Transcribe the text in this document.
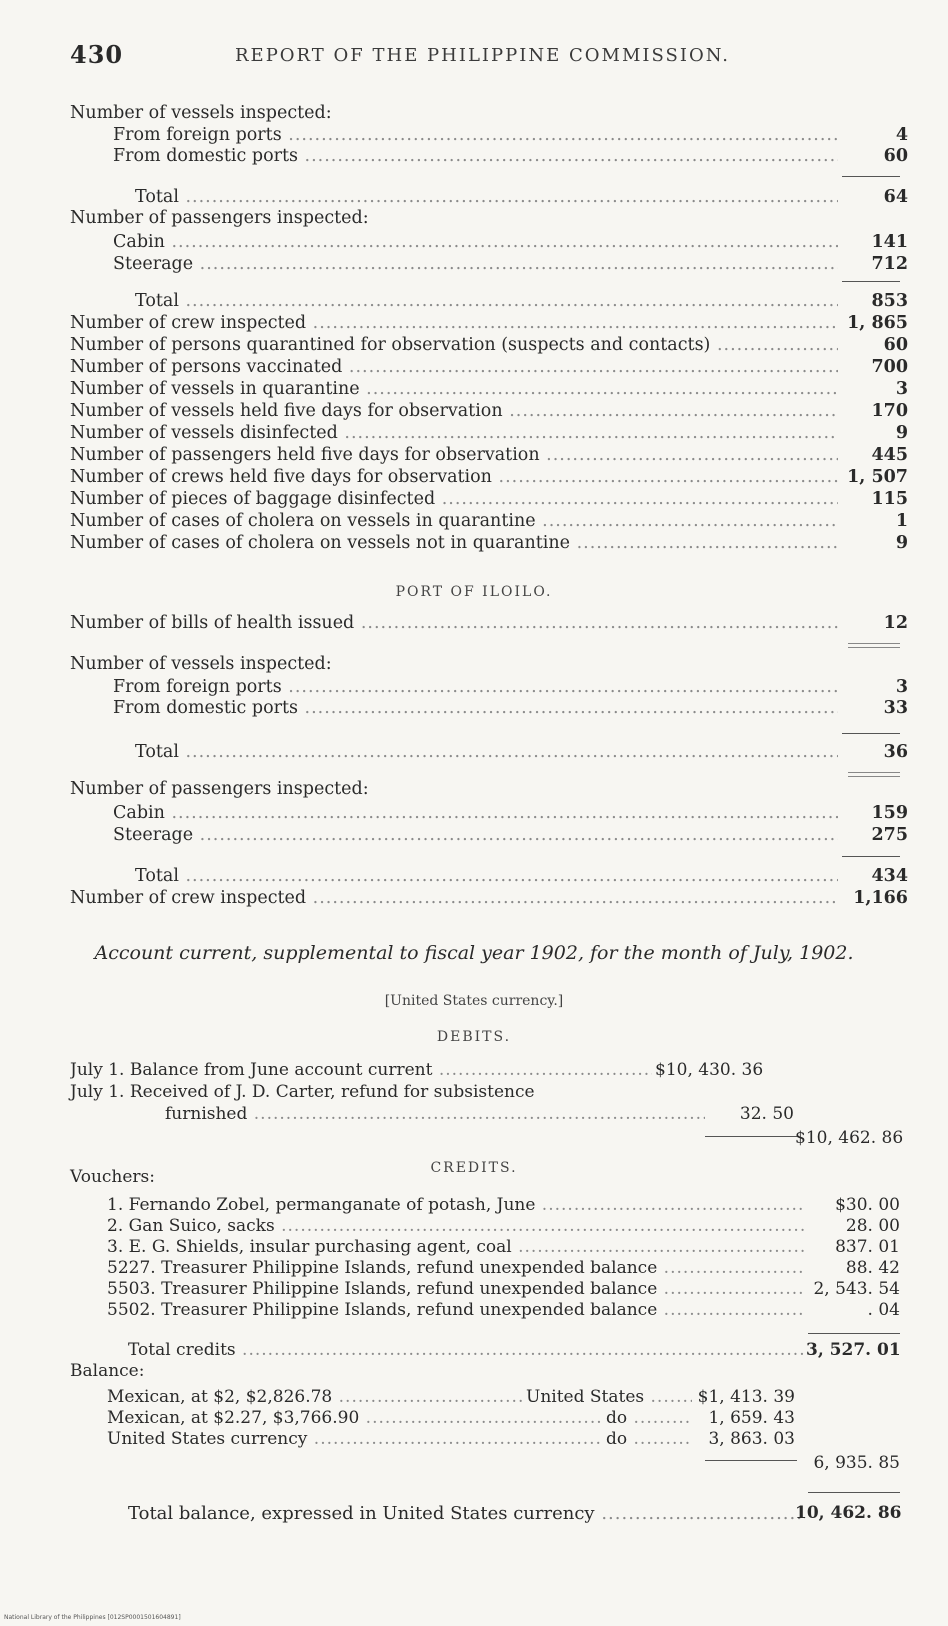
430	REPORT OF THE PHILIPPINE COMMISSION.
Number of vessels inspected:
From foreign ports .....	4
From domestic ports .....	60
Total .....	64
Number of passengers inspected:
Cabin .....	141
Steerage .....	712
Total .....	853
Number of crew inspected .....	1, 865
Number of persons quarantined for observation (suspects and contacts) .....	60
Number of persons vaccinated .....	700
Number of vessels in quarantine .....	3
Number of vessels held five days for observation .....	170
Number of vessels disinfected .....	9
Number of passengers held five days for observation .....	445
Number of crews held five days for observation .....	1, 507
Number of pieces of baggage disinfected .....	115
Number of cases of cholera on vessels in quarantine .....	1
Number of cases of cholera on vessels not in quarantine .....	9
PORT OF ILOILO.
Number of bills of health issued .....	12
Number of vessels inspected:
From foreign ports .....	3
From domestic ports .....	33
Total .....	36
Number of passengers inspected:
Cabin .....	159
Steerage .....	275
Total .....	434
Number of crew inspected .....	1,166
Account current, supplemental to fiscal year 1902, for the month of July, 1902.
[United States currency.]
DEBITS.
July 1. Balance from June account current .....	$10, 430. 36
July 1. Received of J. D. Carter, refund for subsistence
furnished .....	32. 50
$10, 462. 86
CREDITS.
Vouchers:
1. Fernando Zobel, permanganate of potash, June .....	$30. 00
2. Gan Suico, sacks .....	28. 00
3. E. G. Shields, insular purchasing agent, coal .....	837. 01
5227. Treasurer Philippine Islands, refund unexpended balance .....	88. 42
5503. Treasurer Philippine Islands, refund unexpended balance .....	2, 543. 54
5502. Treasurer Philippine Islands, refund unexpended balance .....	. 04
Total credits .....	3, 527. 01
Balance:
Mexican, at $2, $2,826.78 .....	United States .....	$1, 413. 39
Mexican, at $2.27, $3,766.90 .....	do .....	1, 659. 43
United States currency .....	do .....	3, 863. 03
6, 935. 85
Total balance, expressed in United States currency .....	10, 462. 86
National Library of the Philippines [012SP0001501604891]
